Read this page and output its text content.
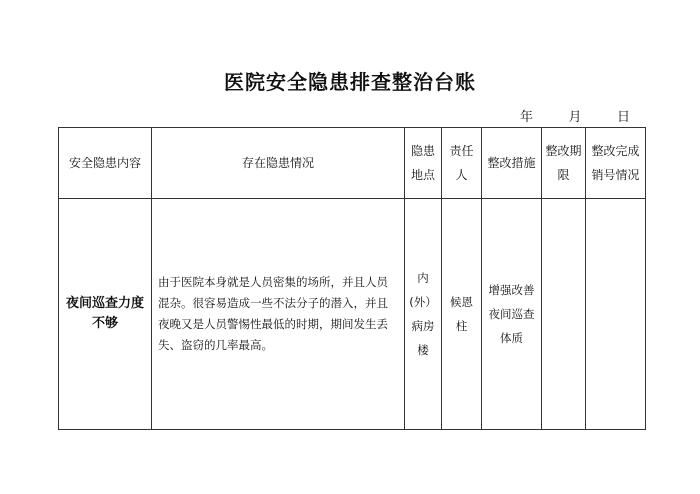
医院安全隐患排查整治台账
年	月	日
安全隐患内容	存在隐患情况	隐患地点	责任人	整改措施	整改期限	整改完成销号情况
夜间巡查力度不够	由于医院本身就是人员密集的场所，并且人员混杂。很容易造成一些不法分子的潜入，并且夜晚又是人员警惕性最低的时期，期间发生丢失、盗窃的几率最高。	内(外）病房楼	候恩柱	增强改善夜间巡查体质		
